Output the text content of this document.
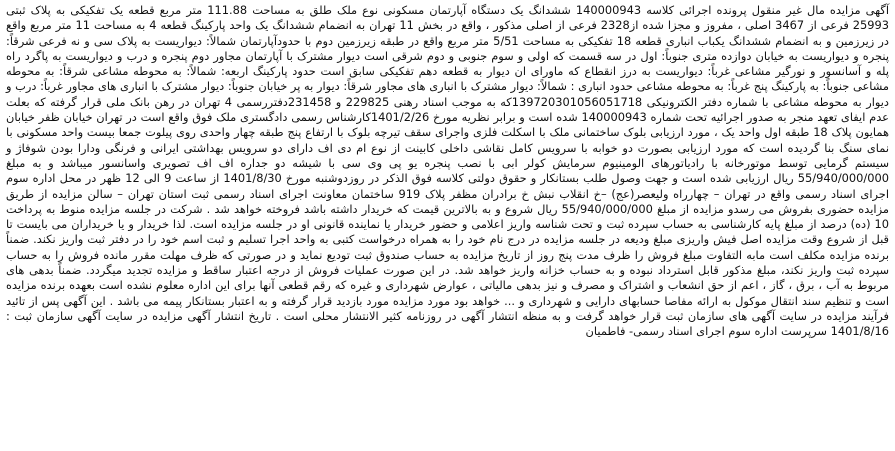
آگهی مزایده مال غیر منقول پرونده اجرائی کلاسه 140000943 ششدانگ یک دستگاه آپارتمان مسکونی نوع ملک طلق به مساحت 111.88 متر مربع قطعه یک تفکیکی به پلاک ثبتی 25993 فرعی از 3467 اصلی ، مفروز و مجزا شده از2328 فرعی از اصلی مذکور ، واقع در بخش 11 تهران به انضمام ششدانگ یک واحد پارکینگ قطعه 4 به مساحت 11 متر مربع واقع در زیرزمین و به انضمام ششدانگ یکباب انباری قطعه 18 تفکیکی به مساحت 5/51 متر مربع واقع در طبقه زیرزمین دوم با حدودآپارتمان شمالاً: دیواریست به پلاک سی و نه فرعی شرقاً: پنجره و دیواریست به خیابان دوازده متری جنوباً: اول در سه قسمت که اولی و سوم جنوبی و دوم شرقی است دیوار مشترک با آپارتمان مجاور دوم پنجره و درب و دیواریست به پاگرد راه پله و آسانسور و نورگیر مشاعی غرباً: دیواریست به درز انقطاع که ماورای ان دیوار به قطعه دهم تفکیکی سابق است حدود پارکینگ اربعه: شمالاً: به محوطه مشاعی شرقاً: به محوطه مشاعی جنوباً: به پارکینگ پنج غرباً: به محوطه مشاعی حدود انباری : شمالاً: دیوار مشترک با انباری های مجاور شرقاً: دیوار به پر خیابان جنوباً: دیوار مشترک با انباری های مجاور غرباً: درب و دیوار به محوطه مشاعی با شماره دفتر الکترونیکی 139720301056051718که به موجب اسناد رهنی 229825 و 231458دفتررسمی 4 تهران در رهن بانک ملی قرار گرفته که بعلت عدم ایفای تعهد منجر به صدور اجرائیه تحت شماره 140000943 شده است و برابر نظریه مورخ 1401/2/26کارشناس رسمی دادگستری ملک فوق واقع است در تهران خیابان ظفر خیابان همایون پلاک 18 طبقه اول واحد یک ، مورد ارزیابی بلوک ساختمانی ملک با اسکلت فلزی واجرای سقف تیرچه بلوک با ارتفاع پنج طبقه چهار واحدی روی پیلوت جمعا بیست واحد مسکونی با نمای سنگ بنا گردیده است که مورد ارزیابی بصورت دو خوابه با سرویس کامل نقاشی داخلی کابینت از نوع ام دی اف دارای دو سرویس بهداشتی ایرانی و فرنگی ودارا بودن شوفاژ و سیستم گرمایی توسط موتورخانه با رادیاتورهای الومینیوم سرمایش کولر ابی با نصب پنجره یو پی وی سی با شیشه دو جداره اف اف تصویری واسانسور میباشد و به مبلغ 55/940/000/000 ریال ارزیابی شده است و جهت وصول طلب بستانکار و حقوق دولتی کلاسه فوق الذکر در روزدوشنبه مورخ 1401/8/30 از ساعت 9 الی 12 ظهر در محل اداره سوم اجرای اسناد رسمی واقع در تهران – چهارراه ولیعصر(عج) –خ انقلاب نبش خ برادران مظفر پلاک 919 ساختمان معاونت اجرای اسناد رسمی ثبت استان تهران – سالن مزایده از طریق مزایده حضوری بفروش می رسدو مزایده از مبلغ 55/940/000/000 ریال شروع و به بالاترین قیمت که خریدار داشته باشد فروخته خواهد شد . شرکت در جلسه مزایده منوط به پرداخت 10 (ده) درصد از مبلغ پایه کارشناسی به حساب سپرده ثبت و تحت شناسه واریز اعلامی و حضور خریدار یا نماینده قانونی او در جلسه مزایده است. لذا خریدار و یا خریداران می بایست تا قبل از شروع وقت مزایده اصل فیش واریزی مبلغ ودیعه در جلسه مزایده در درج نام خود را به همراه درخواست کتبی به واحد اجرا تسلیم و ثبت اسم خود را در دفتر ثبت واریز نکند. ضمناً برنده مزایده مکلف است مابه التفاوت مبلغ فروش را ظرف مدت پنج روز از تاریخ مزایده به حساب صندوق ثبت تودیع نماید و در صورتی که ظرف مهلت مقرر مانده فروش را به حساب سپرده ثبت واریز نکند، مبلغ مذکور قابل استرداد نبوده و به حساب خزانه واریز خواهد شد. در این صورت عملیات فروش از درجه اعتبار ساقط و مزایده تجدید میگردد. ضمناً بدهی های مربوط به آب ، برق ، گاز ، اعم از حق انشعاب و اشتراک و مصرف و نیز بدهی مالیاتی ، عوارض شهرداری و غیره که رقم قطعی آنها برای این اداره معلوم نشده است بعهده برنده مزایده است و تنظیم سند انتقال موکول به ارائه مفاصا حسابهای دارایی و شهرداری و ... خواهد بود مورد مزایده مورد بازدید قرار گرفته و به اعتبار بستانکار پیمه می باشد . این آگهی پس از تائید فرآیند مزایده در سایت آگهی های سازمان ثبت قرار خواهد گرفت و به منظه انتشار آگهی در روزنامه کثیر الانتشار محلی است . تاریخ انتشار آگهی مزایده در سایت آگهی سازمان ثبت : 1401/8/16 سرپرست اداره سوم اجرای اسناد رسمی- فاطمیان
